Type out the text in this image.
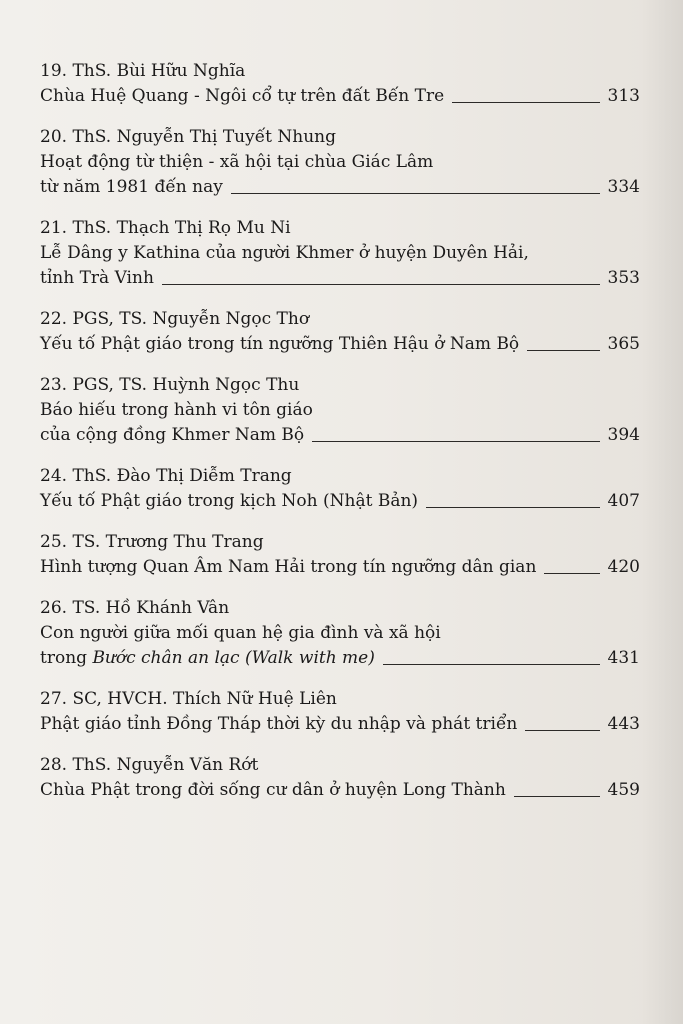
19. ThS. Bùi Hữu Nghĩa
Chùa Huệ Quang - Ngôi cổ tự trên đất Bến Tre	313
20. ThS. Nguyễn Thị Tuyết Nhung
Hoạt động từ thiện - xã hội tại chùa Giác Lâm
từ năm 1981 đến nay	334
21. ThS. Thạch Thị Rọ Mu Ni
Lễ Dâng y Kathina của người Khmer ở huyện Duyên Hải,
tỉnh Trà Vinh	353
22. PGS, TS. Nguyễn Ngọc Thơ
Yếu tố Phật giáo trong tín ngưỡng Thiên Hậu ở Nam Bộ	365
23. PGS, TS. Huỳnh Ngọc Thu
Báo hiếu trong hành vi tôn giáo
của cộng đồng Khmer Nam Bộ	394
24. ThS. Đào Thị Diễm Trang
Yếu tố Phật giáo trong kịch Noh (Nhật Bản)	407
25. TS. Trương Thu Trang
Hình tượng Quan Âm Nam Hải trong tín ngưỡng dân gian	420
26. TS. Hồ Khánh Vân
Con người giữa mối quan hệ gia đình và xã hội
trong Bước chân an lạc (Walk with me)	431
27. SC, HVCH. Thích Nữ Huệ Liên
Phật giáo tỉnh Đồng Tháp thời kỳ du nhập và phát triển	443
28. ThS. Nguyễn Văn Rớt
Chùa Phật trong đời sống cư dân ở huyện Long Thành	459
